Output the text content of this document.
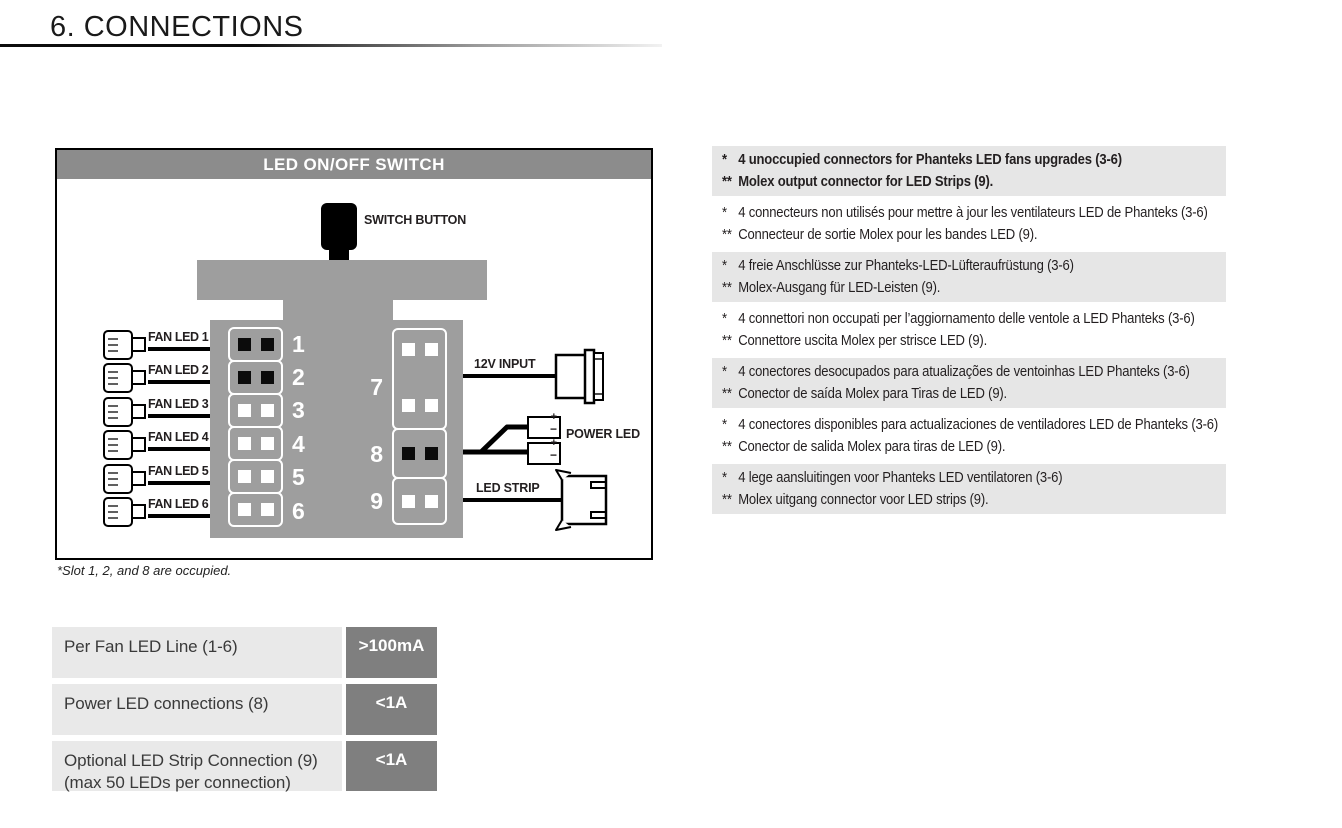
6. CONNECTIONS
LED ON/OFF SWITCH
SWITCH BUTTON
1
2
3
4
5
6
7
8
9
FAN LED 1
FAN LED 2
FAN LED 3
FAN LED 4
FAN LED 5
FAN LED 6
12V INPUT
+
−
+
−
POWER LED
LED STRIP
*Slot 1, 2, and 8 are occupied.
Per Fan LED Line (1-6)	>100mA
Power LED connections (8)	<1A
Optional LED Strip Connection (9)
(max 50 LEDs per connection)
<1A
* 4 unoccupied connectors for Phanteks LED fans upgrades (3-6)
** Molex output connector for LED Strips (9).
* 4 connecteurs non utilisés pour mettre à jour les ventilateurs LED de Phanteks (3-6)
** Connecteur de sortie Molex pour les bandes LED (9).
* 4 freie Anschlüsse zur Phanteks-LED-Lüfteraufrüstung (3-6)
** Molex-Ausgang für LED-Leisten (9).
* 4 connettori non occupati per l’aggiornamento delle ventole a LED Phanteks (3-6)
** Connettore uscita Molex per strisce LED (9).
* 4 conectores desocupados para atualizações de ventoinhas LED Phanteks (3-6)
** Conector de saída Molex para Tiras de LED (9).
* 4 conectores disponibles para actualizaciones de ventiladores LED de Phanteks (3-6)
** Conector de salida Molex para tiras de LED (9).
* 4 lege aansluitingen voor Phanteks LED ventilatoren (3-6)
** Molex uitgang connector voor LED strips (9).
